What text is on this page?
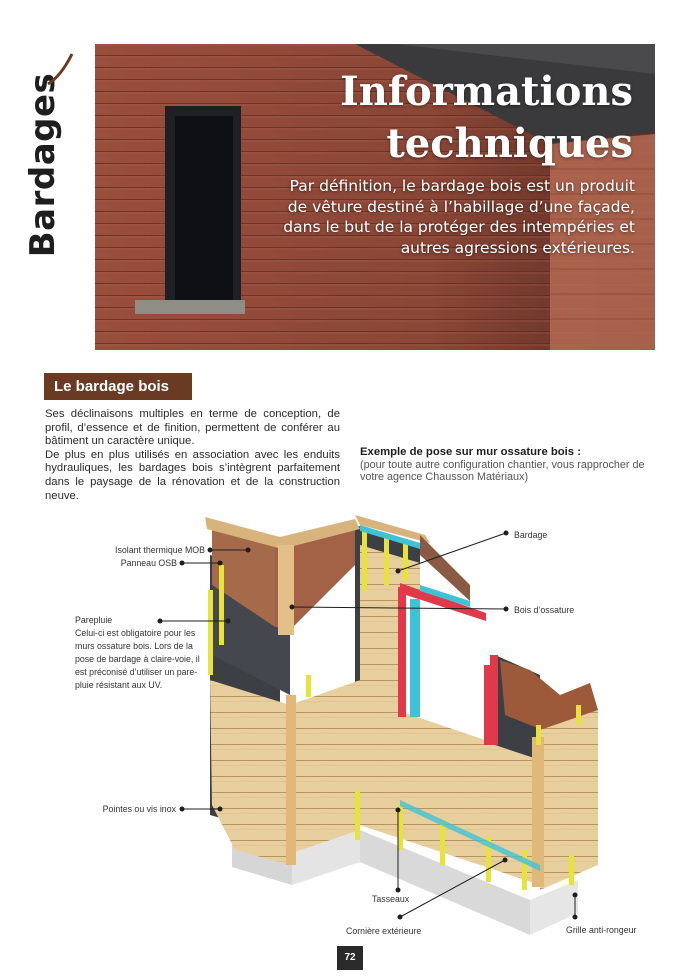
Bardages	Informations
techniques
Par définition, le bardage bois est un produit de vêture destiné à l’habillage d’une façade, dans le but de la protéger des intempéries et autres agressions extérieures.
Le bardage bois

Ses déclinaisons multiples en terme de conception, de profil, d’essence et de finition, permettent de conférer au bâtiment un caractère unique.

De plus en plus utilisés en association avec les enduits hydrauliques, les bardages bois s’intègrent parfaitement dans le paysage de la rénovation et de la construction neuve.

Exemple de pose sur mur ossature bois :
(pour toute autre configuration chantier, vous rapprocher de votre agence Chausson Matériaux)
Isolant thermique MOB
Panneau OSB
Parepluie
Celui-ci est obligatoire pour les
murs ossature bois. Lors de la
pose de bardage à claire-voie, il
est préconisé d’utiliser un pare-
pluie résistant aux UV.
Pointes ou vis inox
Bardage
Bois d’ossature
Tasseaux
Cornière extérieure	Grille anti-rongeur
72
